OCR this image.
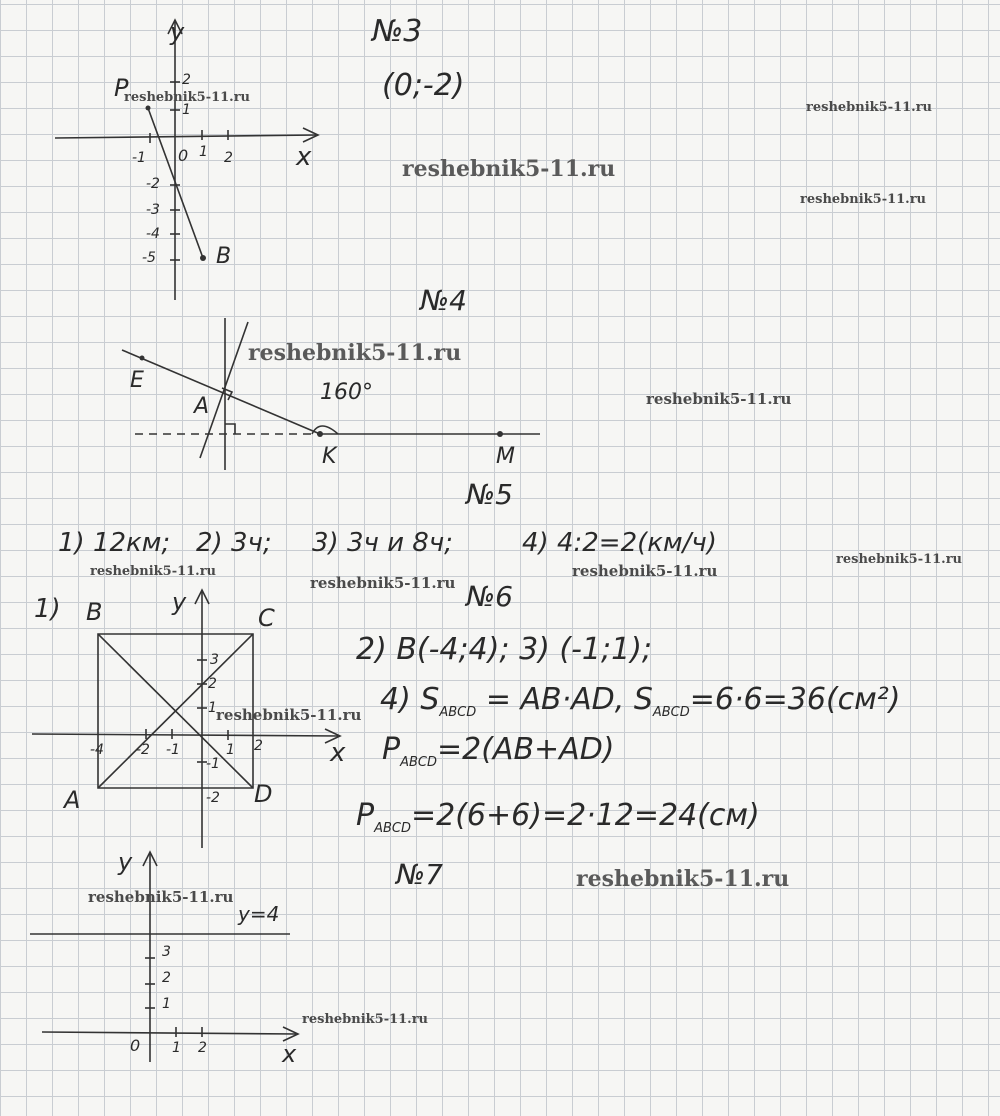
y
x
P
B
-1 0 1 2
2
1
-2
-3
-4
-5
№3
(0;-2)
№4
E
A
K	M
160°
№5
1) 12км; 2) 3ч; 3) 3ч и 8ч;	4) 4:2=2(км/ч)
1) B	C
A	D
y
x
-4 -2 -1	1 2
3
2
1
-1
-2
№6
2) B(-4;4); 3) (-1;1);
4) $S_{ABCD} = AB\cdot AD$, $S_{ABCD}=6\cdot 6=36(см^2)$
$P_{ABCD}=2(AB+AD)$
$P_{ABCD}=2(6+6)=2\cdot 12=24(см)$
y
x
y=4
0 1 2
3
2
1
№7
reshebnik5-11.ru
reshebnik5-11.ru
reshebnik5-11.ru
reshebnik5-11.ru
reshebnik5-11.ru
reshebnik5-11.ru
reshebnik5-11.ru
reshebnik5-11.ru
reshebnik5-11.ru
reshebnik5-11.ru
reshebnik5-11.ru
reshebnik5-11.ru
reshebnik5-11.ru
reshebnik5-11.ru
